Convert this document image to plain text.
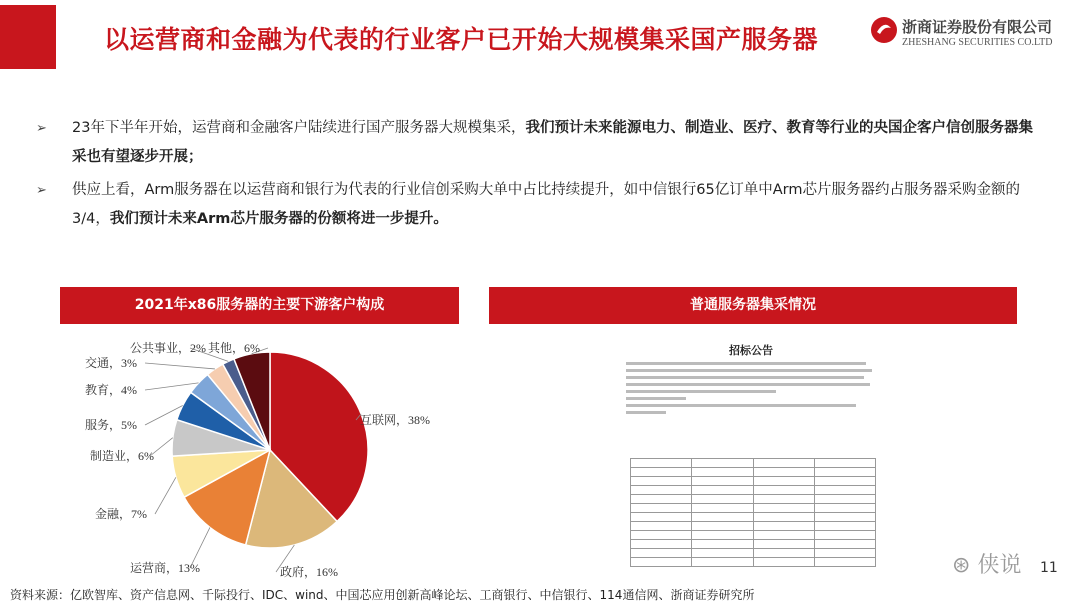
以运营商和金融为代表的行业客户已开始大规模集采国产服务器	浙商证券股份有限公司
ZHESHANG SECURITIES CO.LTD
➢ 23年下半年开始，运营商和金融客户陆续进行国产服务器大规模集采，我们预计未来能源电力、制造业、医疗、教育等行业的央国企客户信创服务器集采也有望逐步开展；
➢ 供应上看，Arm服务器在以运营商和银行为代表的行业信创采购大单中占比持续提升，如中信银行65亿订单中Arm芯片服务器约占服务器采购金额的3/4，我们预计未来Arm芯片服务器的份额将进一步提升。
2021年x86服务器的主要下游客户构成	普通服务器集采情况
互联网，38%
政府，16%
运营商，13%
金融，7%
制造业，6%
服务，5%
教育，4%
交通，3%
公共事业，2% 其他，6%	招标公告

资料来源：亿欧智库、资产信息网、千际投行、IDC、wind、中国芯应用创新高峰论坛、工商银行、中信银行、114通信网、浙商证券研究所
⊛ 侠说 11
